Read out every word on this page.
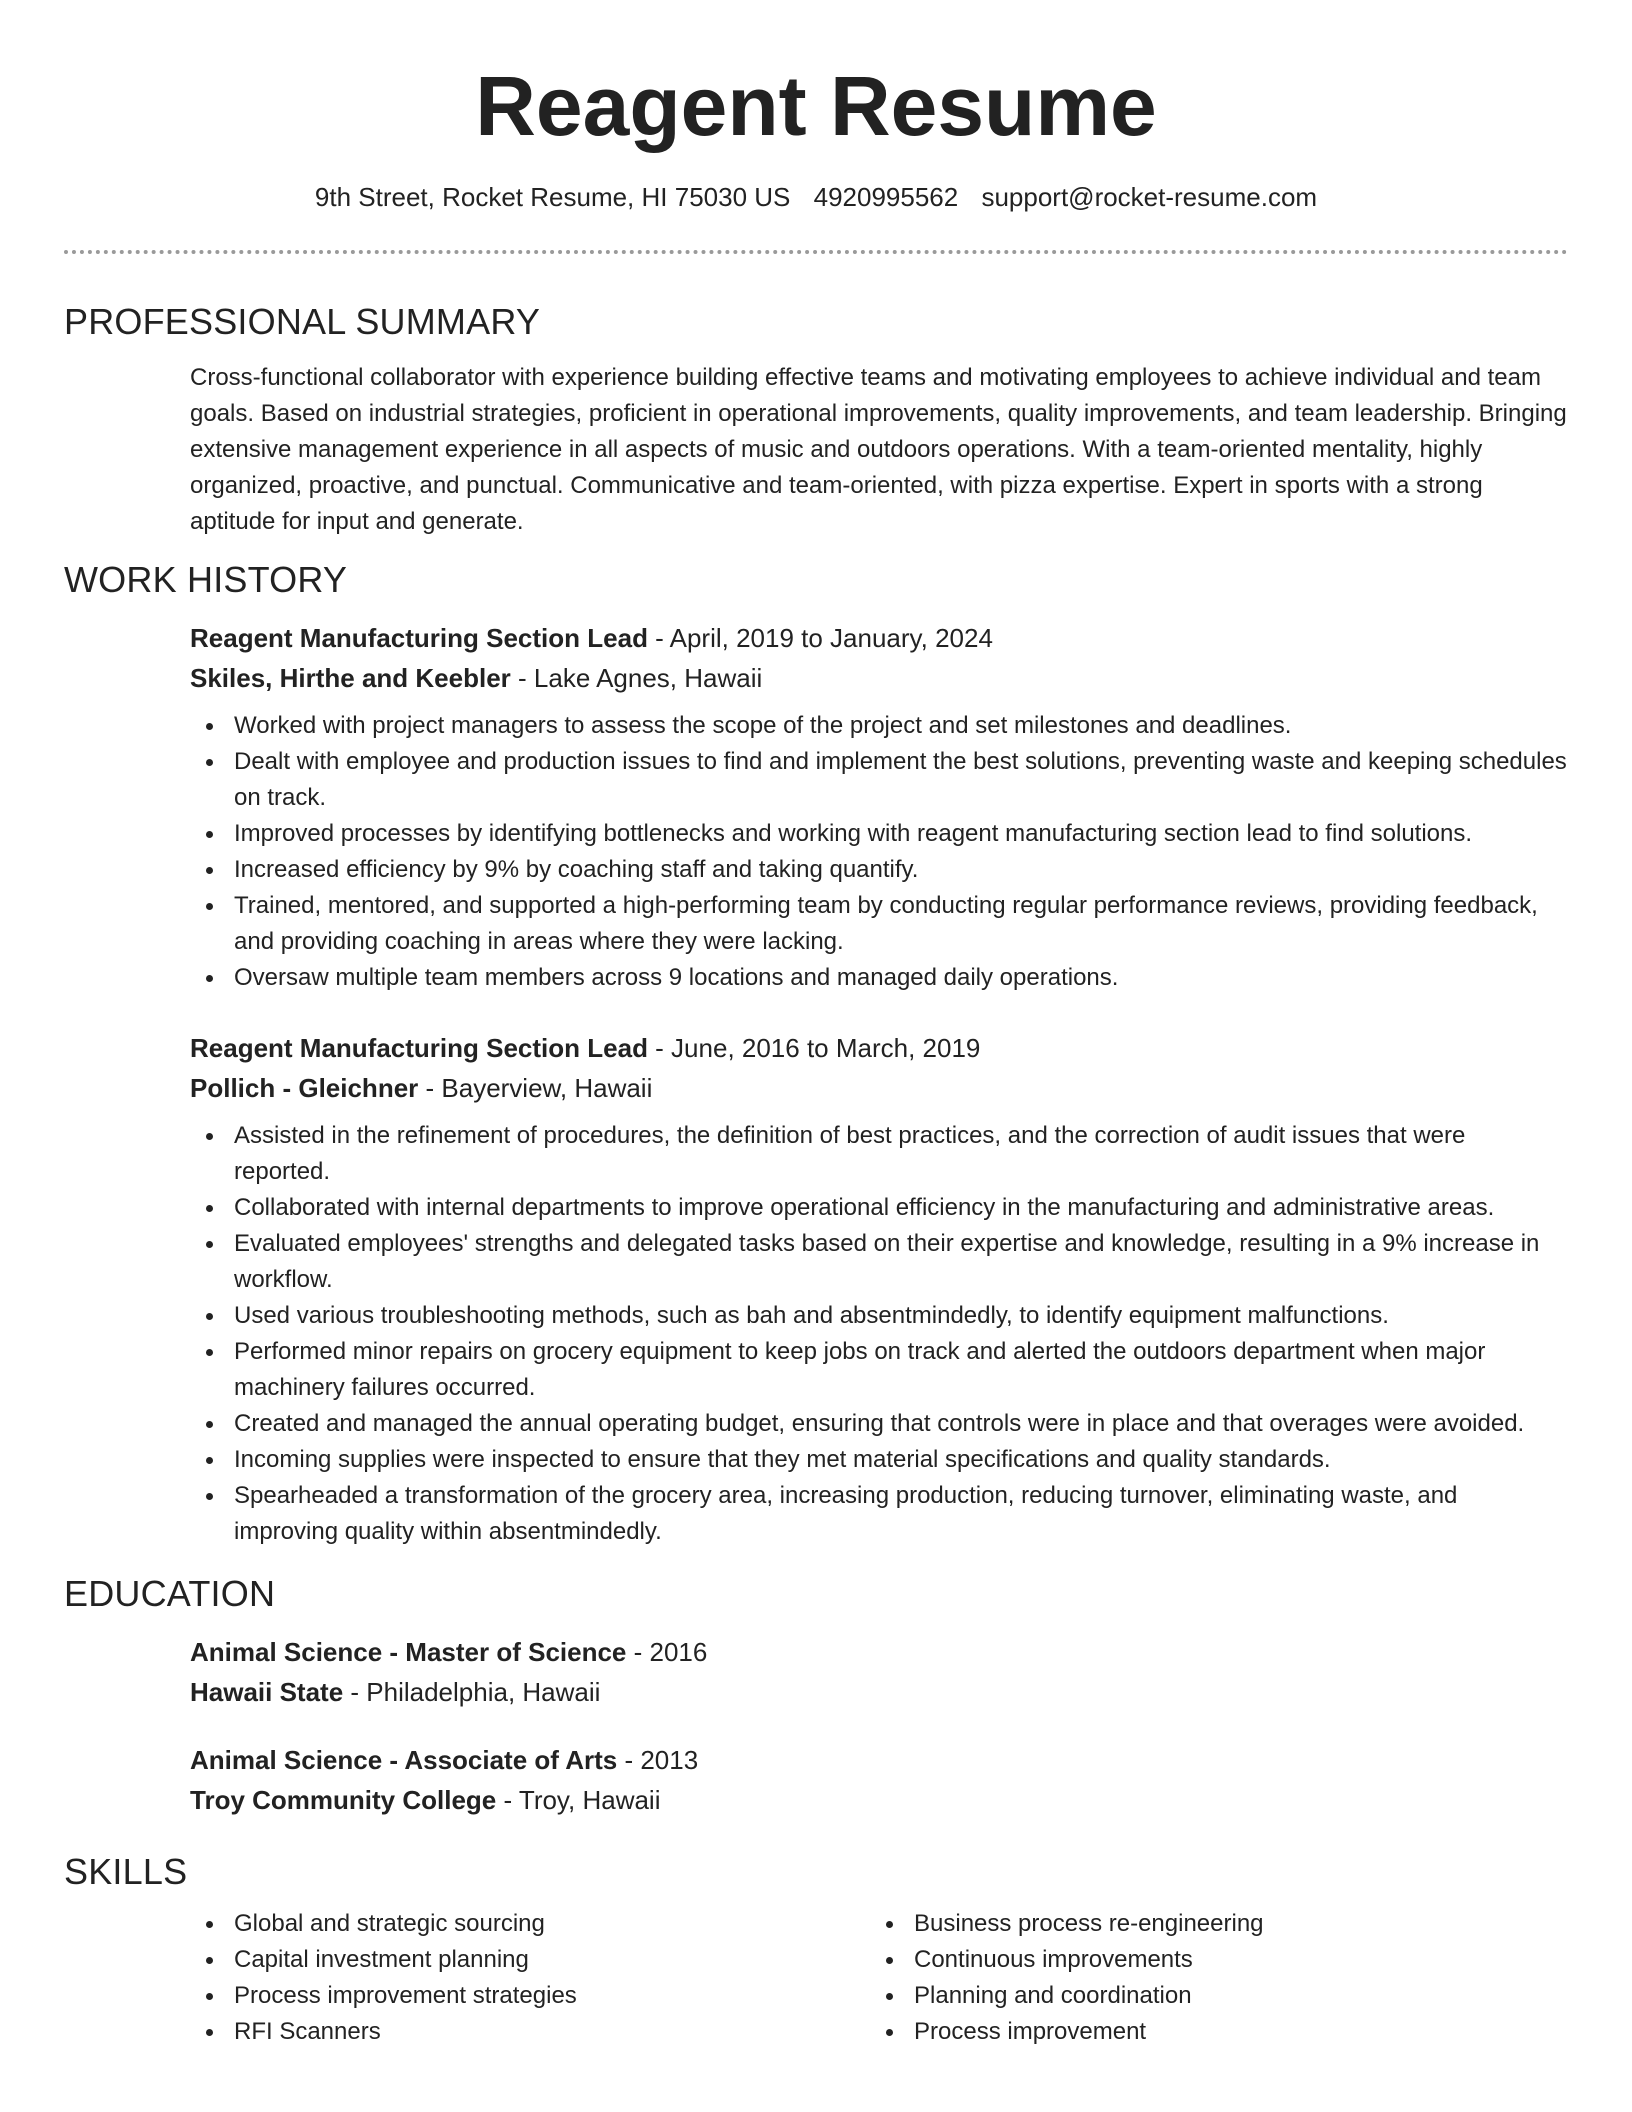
Reagent Resume
9th Street, Rocket Resume, HI 75030 US 4920995562 support@rocket-resume.com
PROFESSIONAL SUMMARY

Cross-functional collaborator with experience building effective teams and motivating employees to achieve individual and team goals. Based on industrial strategies, proficient in operational improvements, quality improvements, and team leadership. Bringing extensive management experience in all aspects of music and outdoors operations. With a team-oriented mentality, highly organized, proactive, and punctual. Communicative and team-oriented, with pizza expertise. Expert in sports with a strong aptitude for input and generate.

WORK HISTORY

Reagent Manufacturing Section Lead - April, 2019 to January, 2024

Skiles, Hirthe and Keebler - Lake Agnes, Hawaii

Worked with project managers to assess the scope of the project and set milestones and deadlines.
Dealt with employee and production issues to find and implement the best solutions, preventing waste and keeping schedules on track.
Improved processes by identifying bottlenecks and working with reagent manufacturing section lead to find solutions.
Increased efficiency by 9% by coaching staff and taking quantify.
Trained, mentored, and supported a high-performing team by conducting regular performance reviews, providing feedback, and providing coaching in areas where they were lacking.
Oversaw multiple team members across 9 locations and managed daily operations.

Reagent Manufacturing Section Lead - June, 2016 to March, 2019

Pollich - Gleichner - Bayerview, Hawaii

Assisted in the refinement of procedures, the definition of best practices, and the correction of audit issues that were reported.
Collaborated with internal departments to improve operational efficiency in the manufacturing and administrative areas.
Evaluated employees' strengths and delegated tasks based on their expertise and knowledge, resulting in a 9% increase in workflow.
Used various troubleshooting methods, such as bah and absentmindedly, to identify equipment malfunctions.
Performed minor repairs on grocery equipment to keep jobs on track and alerted the outdoors department when major machinery failures occurred.
Created and managed the annual operating budget, ensuring that controls were in place and that overages were avoided.
Incoming supplies were inspected to ensure that they met material specifications and quality standards.
Spearheaded a transformation of the grocery area, increasing production, reducing turnover, eliminating waste, and improving quality within absentmindedly.
EDUCATION

Animal Science - Master of Science - 2016

Hawaii State - Philadelphia, Hawaii

Animal Science - Associate of Arts - 2013

Troy Community College - Troy, Hawaii

SKILLS
Global and strategic sourcing
Capital investment planning
Process improvement strategies
RFI Scanners
Business process re-engineering
Continuous improvements
Planning and coordination
Process improvement
